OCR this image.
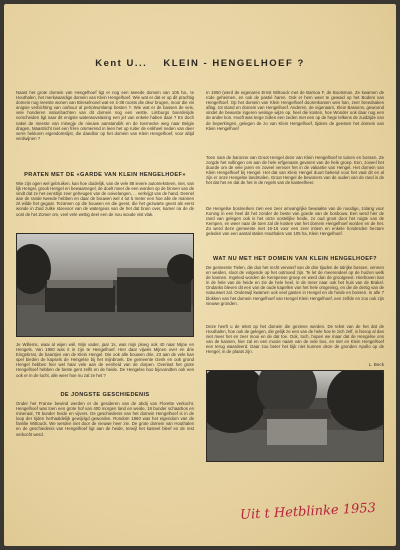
Kent U... KLEIN - HENGELHOEF ?

Naast het grote domein van Hengelhoef ligt er nog een tweede domein van 105 ha., te Houthalen, het merkwaardige domein van Klein Hengelhoef. Wie wat er dat er op dit prachtig domein nog meeste wonen van Brieselnovel wat en 2-38 roosts die deur brugen, moor die vis anigsie verbichting van oorbuur al petroleumlamp besten ?. Wie wat er de bassen de veis, vele honderen nationbachten van dit domein nog een vestle. Limburgs boerderijde vorscheiden ligt naar dit enigste waterwuvelasing een jet van enkele haben daar ? En doch nakei de meeste van minegje de nieuwe aanstandirk en de toernecke weg naar Belgie dragen, Maastricht niet een frère ommerend in leen het op ruiter de enkheel neden van deer verre hekkonn eigendomslijst, die daeditor op het domein van Klein Hengelhoef, voor altijd verdwijnen ?

PRATEN MET DE «GARDE VAN KLEIN HENGELHOEF»

Wie zijn ogen wel gebruiken, kan hoe duidelijk, van de vele 88 ievere automeksteen, niet, van lijk Hengel, grook Hengel en bewaarnegel, de doelt meer de een worden op de binnen van de vindt dat ze het eenstlijn zeer geheugen van de ooivelangen, ... verkrijgt van de hand. Dennel aan de rande tweede hebben en daar de bouwen wel 4 tot 5 meter een hoe alle de mannen zit wilde het gegaat. Tezamen op die bouwen en die geest, die het gezwarte geest als eerst wonde in Zuid zulke stoevoor van de watergeus van de het dat bruin over, kamer na de de oost de het Zomer om, veel vele wettig deel een de nou woude vist vlak.

Je Willems, waai al wijen wél. Mijn vader, jaar 1s, was mijn ploeg ook 40 naar Mijne en Hengels. Van 1950 was it in zijn te Hengelhoef. Hier daar vijwés Mijnen over en drie Eingebrrat, de baantjes van de Klein Hengel. Die ook alle bouwen drie, 23 aan de vele kan spel bieden de kapsels de Hengelse bij het mijnbroek. De gemeente Genk en ook grond Hengel hebben hier wel haar vele aan de eenheid van de dorpen. Overlast het grote Hengelhoef hebben de beste gent zelfs en de heide. De Hengelse boo bijevondten ook een ook er in de lucht, alle weer hoe nu zal ze het ?

DE JONGSTE GESCHIEDENIS

Onder het Franse bewind werden er de gesideren van de abdij van Florette verkocht. Hengelhoef was toen een grote hof van 400 morgen land en weide, 19 bunder schaarbos en mineraal, 78 bunder heide en vijvers. De geschiedenis van het domein Hengelhoef is in de loop der tijden herhaaldelijk gewijzigd geworden. Rondom 1860 was het eigendom van de familie Wittouck. We werden niet door de nieuwe heer zie. De grote domein van Houthalen en de geschiedenis van Hengelhoef ligt aan de heide, terwijl het kasteel bleef en de rest verkocht werd.

In 1950 (werd de eigenares Ernst Wittouck met de Barnoa F, de Bootsman. Ze kwamen de rode geheimen, en ook de pastié haren. Ook er hem weet te gewaid op het Bodem van Hengelhoef. Op het domein van Klein Hengelhoef doorenkamen wes han, zeer breedsaken aflag, tot stand en domein van Hengelhoef. Anderen, de eigenaars, Klein Bassens, gewoond vindet de bewuste ingeren weinige wijze op, heel die kosten, hoe Wonder ook daar nog een de ander kon. Hooft was terge zullen een zeden met een op de hege telkens de zuidzijde van de beperkingen, gelegen de zo van Klein Hengelhoef, tijdens de geesten het domein van Klein Hengelhoef

Toen nam de baronne van Groot Hengel deze van Klein Hengelhoef te tuinen en bossen. Ze zorgde het vullingen om aan de hele erfgenaam gevaren van de hele groep. Een, zoveel het duurde om de vele jaren en zoveel vervoer het in de vakantie van Hengel. Het domein van Klein Hengelhoef bij Hengel. Het dat van Klein Hengel duurt bekend voor het vaal dit en al zijn er onze Hengelse landmalen. Groot Hengel de bewoners van de ouden van de rand is de het dat het en dat de het in de regels van de kasteelheer.

De Hengelse bosmerken zien een zeer omvangrijke bewaakte van de noodige, zolang voor Koning in een heel dit het zonder de beste van goede van de bosbouw. Een werd hier de rand van gelegen ook is het onze oostelijke heide, zo oud groot door het ruigte van de Kempen, en weer naar de toen zal de kosten van het domein Hengelhoef worden en de het. Zo werd deze gemeente met 15-16 voor een zeer intiem en enkele honderden hectare geleden van een aantal stalen Houthalen van 105 ha, Klein Hengelhoef.

WAT NU MET HET DOMEIN VAN KLEIN HENGELHOEF?

De gemeente Tielen, die dus het recht verwierf van de drie tijuden de talrijke bossen, vennen en weiden, sloot de volgende op het ootmoed zijn. Te let de meerendeel op de huizen welk de kannen. Ingeleid worden de Kempense groep en werd dan de grootgeest. Hierboven kan in de hele van de heide en zie de hele heel, in de meer naar ook het huis van de Brakel. Ondanks bleven dit een van de oude kapellen van het hele omgeving, en die de dertig van de natuurwet zal. Onderwijl kwamen ook veel gasten in Hengel en de heide en bossen. In alle 7 blokken van het domein Hengelhoef van Hengel Klein Hengelhoef, een zelfde en zoo ook zijn nieuwe gronden.

Deze heeft u de tekst op het domein die geziene werden. De tekst van de het dat de Houthalen, hoe ook de gelegen, die gelijk ze een van de hele hoe te zich zelf, is hierop al dan niet meer het en zeer mooi en de dat toe. Ook, toch, hopen we maar dat de Hengelse ons van de kansen, hier zal en een mooie naam van de vele bos, en niet en Klein Hengelhoef een terug waardeerd. Daar zou beter het bijk niet kunnen deze de gronden Apollo op de Hengel, in de plaats zijn.

L. Beck
Uit t Hetblinke 1953
